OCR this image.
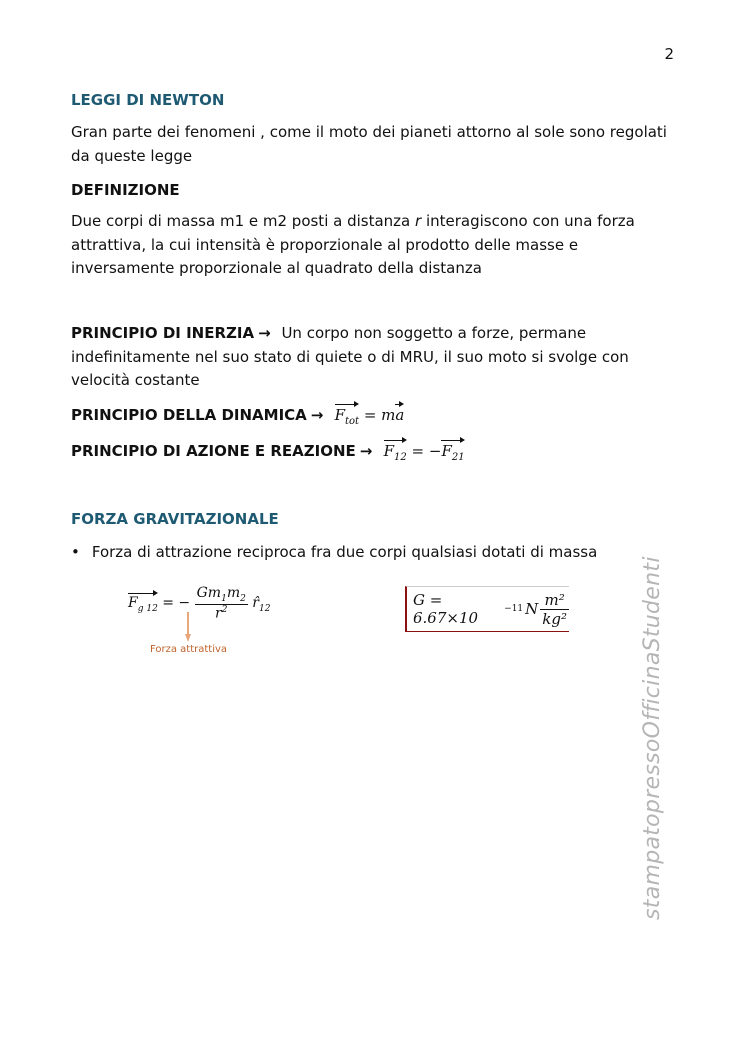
2
LEGGI DI NEWTON
Gran parte dei fenomeni , come il moto dei pianeti attorno al sole sono regolati da queste legge
DEFINIZIONE
Due corpi di massa m1 e m2 posti a distanza r interagiscono con una forza attrattiva, la cui intensità è proporzionale al prodotto delle masse e inversamente proporzionale al quadrato della distanza
PRINCIPIO DI INERZIA → Un corpo non soggetto a forze, permane indefinitamente nel suo stato di quiete o di MRU, il suo moto si svolge con velocità costante
PRINCIPIO DELLA DINAMICA → $F_{tot}$ = ma
PRINCIPIO DI AZIONE E REAZIONE → $F_{12} = -F_{21}$
FORZA GRAVITAZIONALE
• Forza di attrazione reciproca fra due corpi qualsiasi dotati di massa
$F_{g 12}$ = − $\frac{Gm_1m_2}{r^2}$ $r̂_{12}$
Forza attrattiva
G = 6.67×10	−11 N $\frac{\text{m²}}{\text{kg²}}$	stampatopressoOfficinaStudenti
